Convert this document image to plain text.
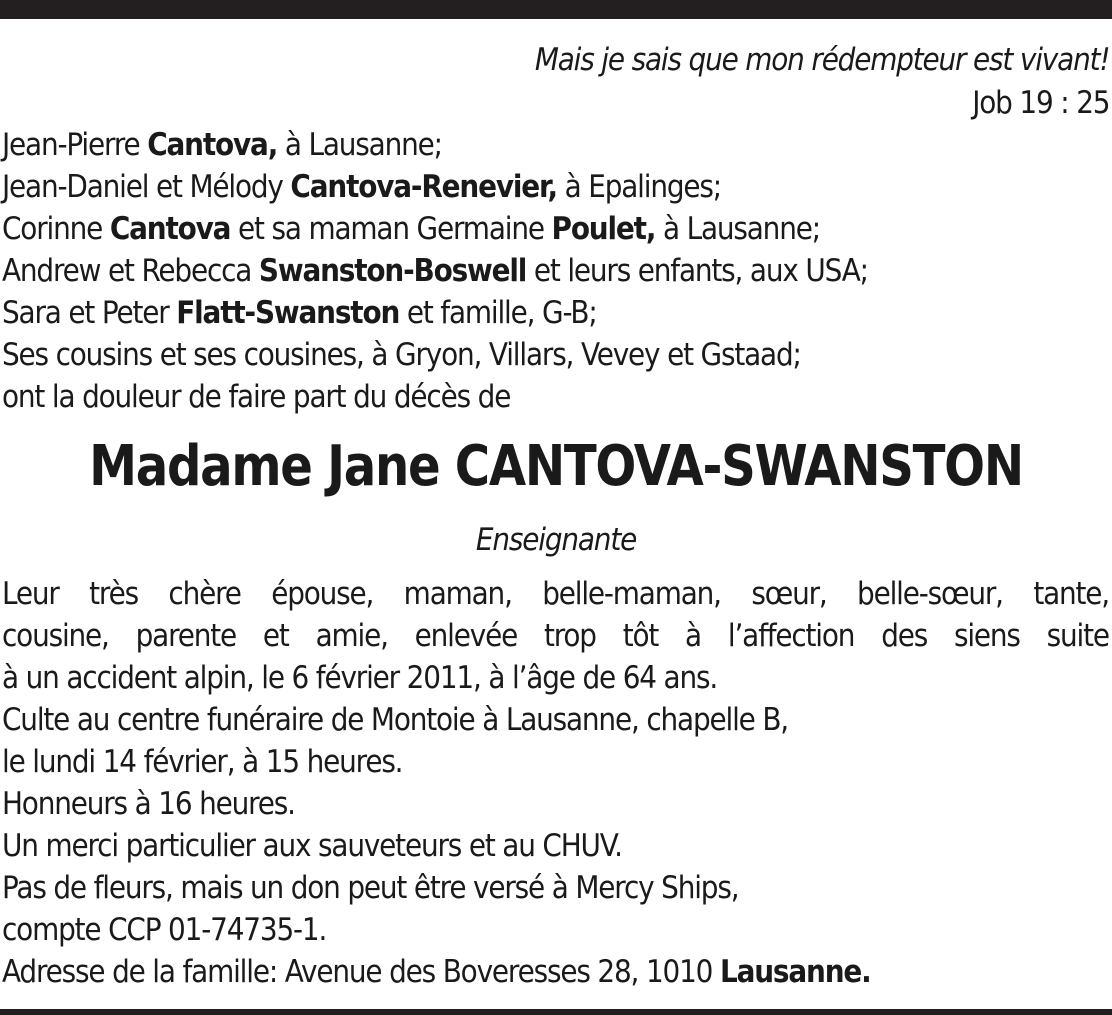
Mais je sais que mon rédempteur est vivant!
Job 19 : 25
Jean-Pierre Cantova, à Lausanne;
Jean-Daniel et Mélody Cantova-Renevier, à Epalinges;
Corinne Cantova et sa maman Germaine Poulet, à Lausanne;
Andrew et Rebecca Swanston-Boswell et leurs enfants, aux USA;
Sara et Peter Flatt-Swanston et famille, G-B;
Ses cousins et ses cousines, à Gryon, Villars, Vevey et Gstaad;
ont la douleur de faire part du décès de
Madame Jane CANTOVA-SWANSTON
Enseignante
Leur très chère épouse, maman, belle-maman, sœur, belle-sœur, tante,
cousine, parente et amie, enlevée trop tôt à l’affection des siens suite
à un accident alpin, le 6 février 2011, à l’âge de 64 ans.
Culte au centre funéraire de Montoie à Lausanne, chapelle B,
le lundi 14 février, à 15 heures.
Honneurs à 16 heures.
Un merci particulier aux sauveteurs et au CHUV.
Pas de fleurs, mais un don peut être versé à Mercy Ships,
compte CCP 01-74735-1.
Adresse de la famille: Avenue des Boveresses 28, 1010 Lausanne.
